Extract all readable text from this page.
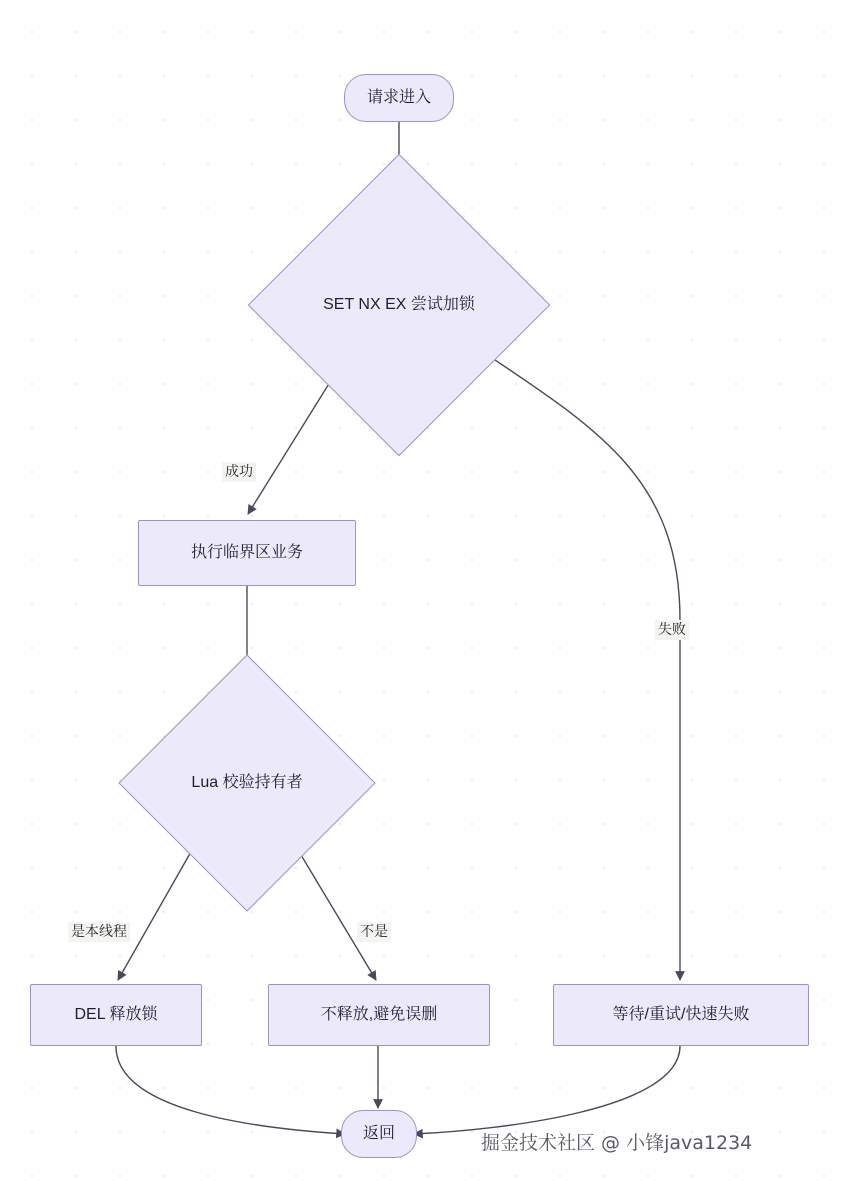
请求进入
SET NX EX 尝试加锁
成功
执行临界区业务
失败
Lua 校验持有者
是本线程	不是
DEL 释放锁	不释放,避免误删	等待/重试/快速失败
返回	掘金技术社区 @ 小锋java1234
